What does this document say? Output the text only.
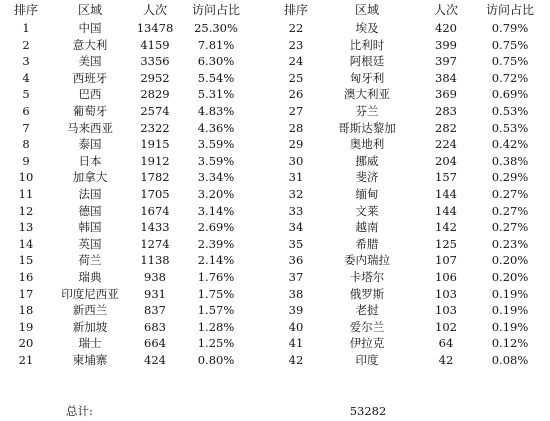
排序	区域	人次	访问占比	排序	区域	人次	访问占比
1	中国	13478	25.30%	22	埃及	420	0.79%
2	意大利	4159	7.81%	23	比利时	399	0.75%
3	美国	3356	6.30%	24	阿根廷	397	0.75%
4	西班牙	2952	5.54%	25	匈牙利	384	0.72%
5	巴西	2829	5.31%	26	澳大利亚	369	0.69%
6	葡萄牙	2574	4.83%	27	芬兰	283	0.53%
7	马来西亚	2322	4.36%	28	哥斯达黎加	282	0.53%
8	泰国	1915	3.59%	29	奥地利	224	0.42%
9	日本	1912	3.59%	30	挪威	204	0.38%
10	加拿大	1782	3.34%	31	斐济	157	0.29%
11	法国	1705	3.20%	32	缅甸	144	0.27%
12	德国	1674	3.14%	33	文莱	144	0.27%
13	韩国	1433	2.69%	34	越南	142	0.27%
14	英国	1274	2.39%	35	希腊	125	0.23%
15	荷兰	1138	2.14%	36	委内瑞拉	107	0.20%
16	瑞典	938	1.76%	37	卡塔尔	106	0.20%
17	印度尼西亚	931	1.75%	38	俄罗斯	103	0.19%
18	新西兰	837	1.57%	39	老挝	103	0.19%
19	新加坡	683	1.28%	40	爱尔兰	102	0.19%
20	瑞士	664	1.25%	41	伊拉克	64	0.12%
21	柬埔寨	424	0.80%	42	印度	42	0.08%
总计:	53282
